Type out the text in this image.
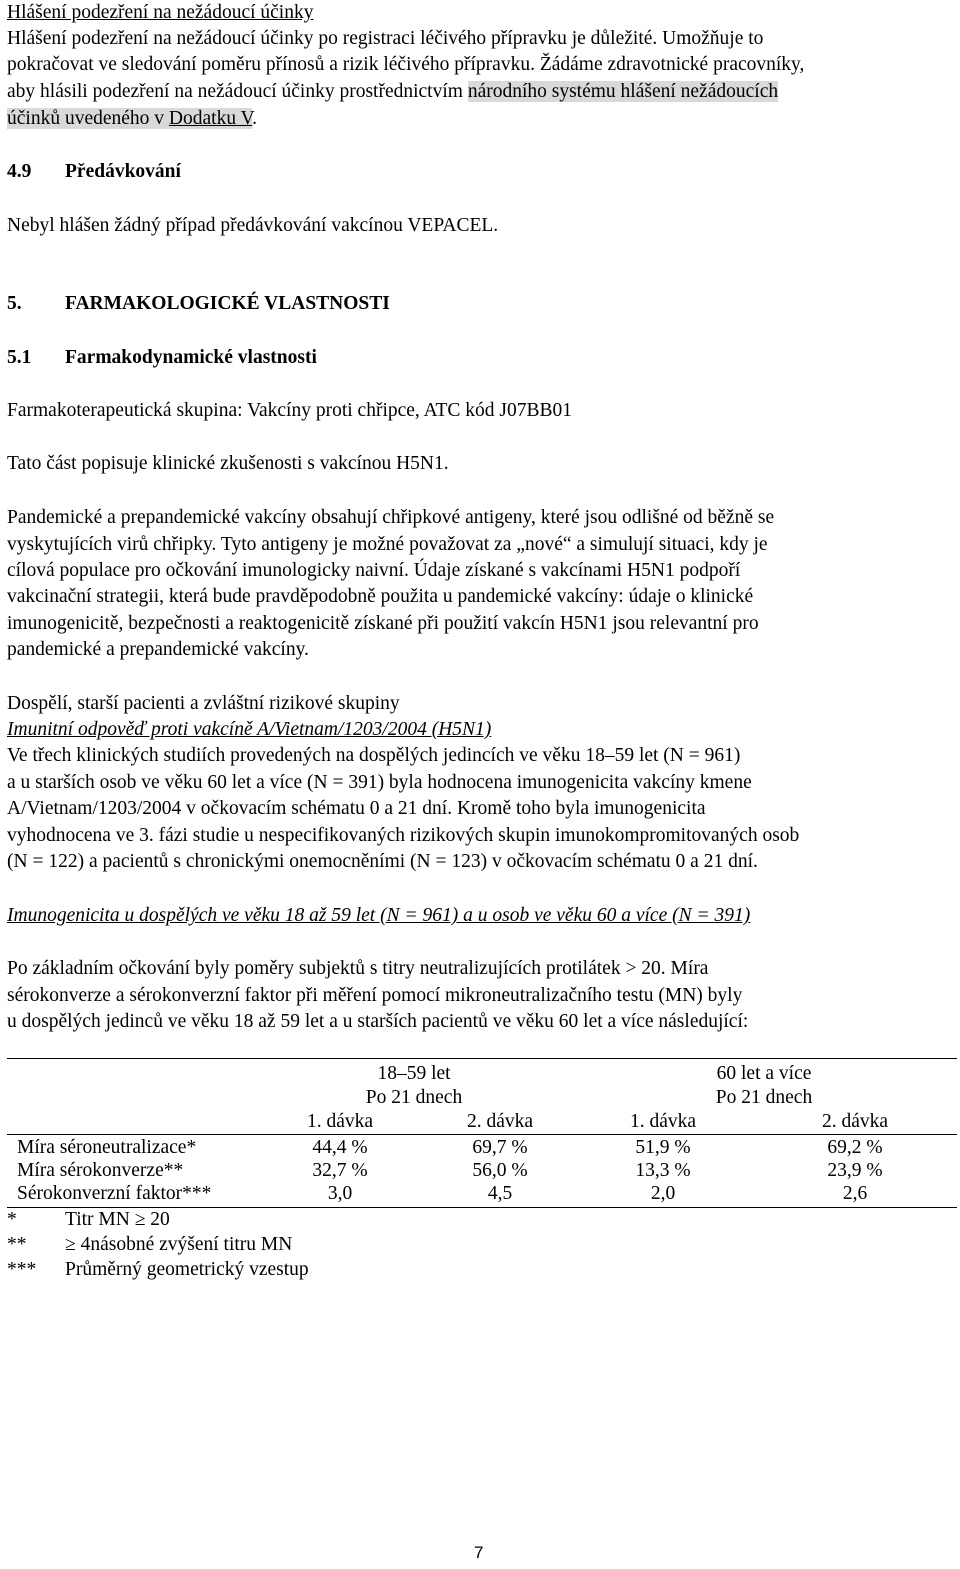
Hlášení podezření na nežádoucí účinky
Hlášení podezření na nežádoucí účinky po registraci léčivého přípravku je důležité. Umožňuje to
pokračovat ve sledování poměru přínosů a rizik léčivého přípravku. Žádáme zdravotnické pracovníky,
aby hlásili podezření na nežádoucí účinky prostřednictvím národního systému hlášení nežádoucích
účinků uvedeného v Dodatku V.
4.9 Předávkování
Nebyl hlášen žádný případ předávkování vakcínou VEPACEL.
5. FARMAKOLOGICKÉ VLASTNOSTI
5.1 Farmakodynamické vlastnosti
Farmakoterapeutická skupina: Vakcíny proti chřipce, ATC kód J07BB01
Tato část popisuje klinické zkušenosti s vakcínou H5N1.
Pandemické a prepandemické vakcíny obsahují chřipkové antigeny, které jsou odlišné od běžně se
vyskytujících virů chřipky. Tyto antigeny je možné považovat za „nové“ a simulují situaci, kdy je
cílová populace pro očkování imunologicky naivní. Údaje získané s vakcínami H5N1 podpoří
vakcinační strategii, která bude pravděpodobně použita u pandemické vakcíny: údaje o klinické
imunogenicitě, bezpečnosti a reaktogenicitě získané při použití vakcín H5N1 jsou relevantní pro
pandemické a prepandemické vakcíny.
Dospělí, starší pacienti a zvláštní rizikové skupiny
Imunitní odpověď proti vakcíně A/Vietnam/1203/2004 (H5N1)
Ve třech klinických studiích provedených na dospělých jedincích ve věku 18–59 let (N = 961)
a u starších osob ve věku 60 let a více (N = 391) byla hodnocena imunogenicita vakcíny kmene
A/Vietnam/1203/2004 v očkovacím schématu 0 a 21 dní. Kromě toho byla imunogenicita
vyhodnocena ve 3. fázi studie u nespecifikovaných rizikových skupin imunokompromitovaných osob
(N = 122) a pacientů s chronickými onemocněními (N = 123) v očkovacím schématu 0 a 21 dní.
Imunogenicita u dospělých ve věku 18 až 59 let (N = 961) a u osob ve věku 60 a více (N = 391)
Po základním očkování byly poměry subjektů s titry neutralizujících protilátek > 20. Míra
sérokonverze a sérokonverzní faktor při měření pomocí mikroneutralizačního testu (MN) byly
u dospělých jedinců ve věku 18 až 59 let a u starších pacientů ve věku 60 let a více následující:
18–59 let
Po 21 dnech
60 let a více
Po 21 dnech
1. dávka	2. dávka	1. dávka	2. dávka
Míra séroneutralizace*	44,4 %	69,7 %	51,9 %	69,2 %
Míra sérokonverze**	32,7 %	56,0 %	13,3 %	23,9 %
Sérokonverzní faktor***	3,0	4,5	2,0	2,6
* Titr MN ≥ 20
** ≥ 4násobné zvýšení titru MN
*** Průměrný geometrický vzestup
7
